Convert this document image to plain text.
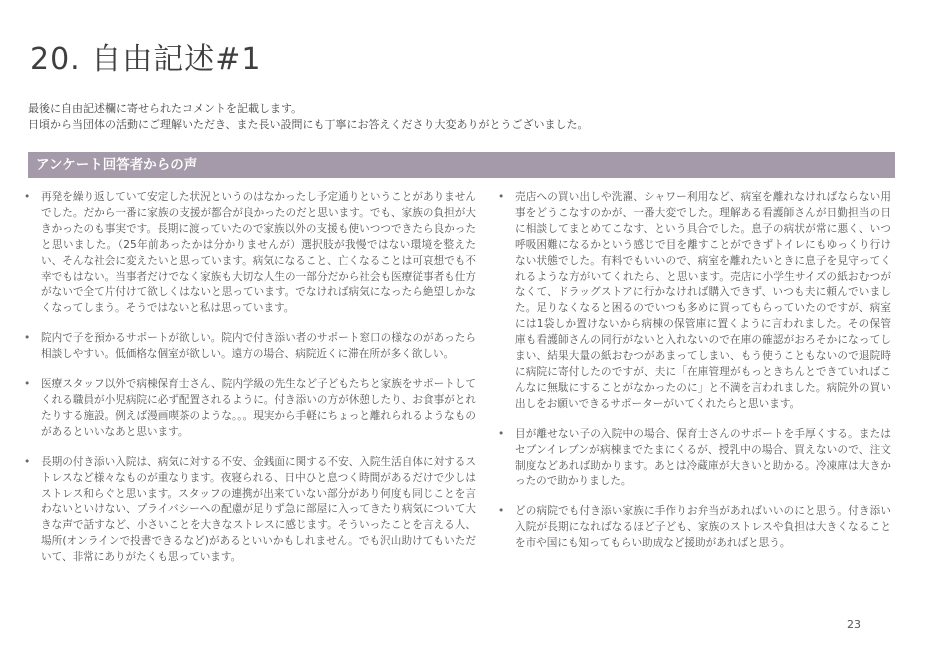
20. 自由記述#1
最後に自由記述欄に寄せられたコメントを記載します。
日頃から当団体の活動にご理解いただき、また長い設問にも丁寧にお答えくださり大変ありがとうございました。
アンケート回答者からの声
• 再発を繰り返していて安定した状況というのはなかったし予定通りということがありませんでした。だから一番に家族の支援が都合が良かったのだと思います。でも、家族の負担が大きかったのも事実です。長期に渡っていたので家族以外の支援も使いつつできたら良かったと思いました。（25年前あったかは分かりませんが）選択肢が我慢ではない環境を整えたい、そんな社会に変えたいと思っています。病気になること、亡くなることは可哀想でも不幸でもはない。当事者だけでなく家族も大切な人生の一部分だから社会も医療従事者も仕方がないで全て片付けて欲しくはないと思っています。でなければ病気になったら絶望しかなくなってしまう。そうではないと私は思っています。
• 院内で子を預かるサポートが欲しい。院内で付き添い者のサポート窓口の様なのがあったら相談しやすい。低価格な個室が欲しい。遠方の場合、病院近くに滞在所が多く欲しい。
• 医療スタッフ以外で病棟保育士さん、院内学級の先生など子どもたちと家族をサポートしてくれる職員が小児病院に必ず配置されるように。付き添いの方が休憩したり、お食事がとれたりする施設。例えば漫画喫茶のような。。。現実から手軽にちょっと離れられるようなものがあるといいなあと思います。
• 長期の付き添い入院は、病気に対する不安、金銭面に関する不安、入院生活自体に対するストレスなど様々なものが重なります。夜寝られる、日中ひと息つく時間があるだけで少しはストレス和らぐと思います。スタッフの連携が出来ていない部分があり何度も同じことを言わないといけない、プライバシーへの配慮が足りず急に部屋に入ってきたり病気について大きな声で話すなど、小さいことを大きなストレスに感じます。そういったことを言える人、場所(オンラインで投書できるなど)があるといいかもしれません。でも沢山助けてもいただいて、非常にありがたくも思っています。
• 売店への買い出しや洗濯、シャワー利用など、病室を離れなければならない用事をどうこなすのかが、一番大変でした。理解ある看護師さんが日勤担当の日に相談してまとめてこなす、という具合でした。息子の病状が常に悪く、いつ呼吸困難になるかという感じで目を離すことができずトイレにもゆっくり行けない状態でした。有料でもいいので、病室を離れたいときに息子を見守ってくれるような方がいてくれたら、と思います。売店に小学生サイズの紙おむつがなくて、ドラッグストアに行かなければ購入できず、いつも夫に頼んでいました。足りなくなると困るのでいつも多めに買ってもらっていたのですが、病室には1袋しか置けないから病棟の保管庫に置くように言われました。その保管庫も看護師さんの同行がないと入れないので在庫の確認がおろそかになってしまい、結果大量の紙おむつがあまってしまい、もう使うこともないので退院時に病院に寄付したのですが、夫に「在庫管理がもっときちんとできていればこんなに無駄にすることがなかったのに」と不満を言われました。病院外の買い出しをお願いできるサポーターがいてくれたらと思います。
• 目が離せない子の入院中の場合、保育士さんのサポートを手厚くする。またはセブンイレブンが病棟までたまにくるが、授乳中の場合、買えないので、注文制度などあれば助かります。あとは冷蔵庫が大きいと助かる。冷凍庫は大きかったので助かりました。
• どの病院でも付き添い家族に手作りお弁当があればいいのにと思う。付き添い入院が長期になればなるほど子ども、家族のストレスや負担は大きくなることを市や国にも知ってもらい助成など援助があればと思う。
23
